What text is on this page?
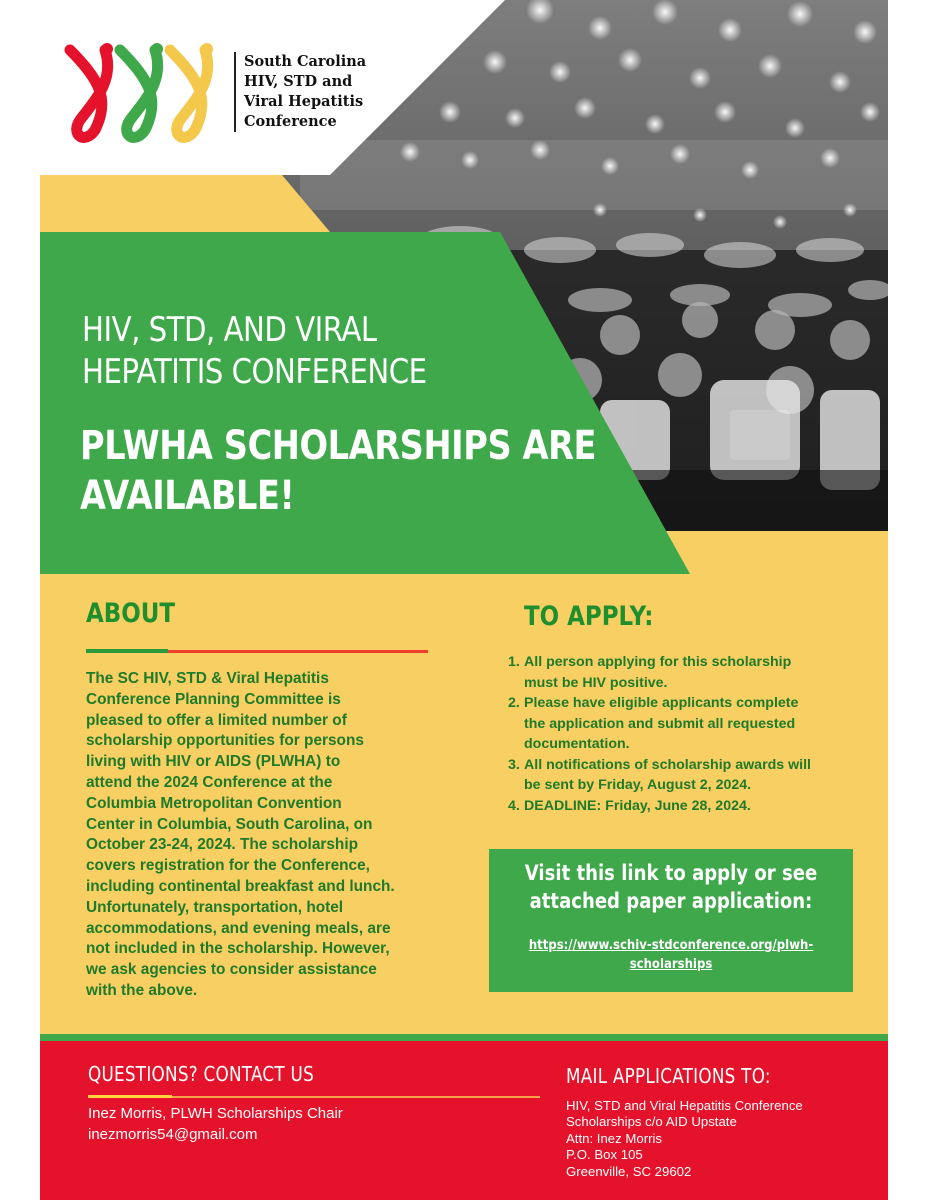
South Carolina
HIV, STD and
Viral Hepatitis
Conference
HIV, STD, AND VIRAL
HEPATITIS CONFERENCE
PLWHA SCHOLARSHIPS ARE
AVAILABLE!
ABOUT
The SC HIV, STD & Viral Hepatitis
Conference Planning Committee is
pleased to offer a limited number of
scholarship opportunities for persons
living with HIV or AIDS (PLWHA) to
attend the 2024 Conference at the
Columbia Metropolitan Convention
Center in Columbia, South Carolina, on
October 23-24, 2024. The scholarship
covers registration for the Conference,
including continental breakfast and lunch.
Unfortunately, transportation, hotel
accommodations, and evening meals, are
not included in the scholarship. However,
we ask agencies to consider assistance
with the above.
TO APPLY:
1. All person applying for this scholarship
must be HIV positive.
2. Please have eligible applicants complete
the application and submit all requested
documentation.
3. All notifications of scholarship awards will
be sent by Friday, August 2, 2024.
4. DEADLINE: Friday, June 28, 2024.
Visit this link to apply or see
attached paper application:
https://www.schiv-stdconference.org/plwh-
scholarships
QUESTIONS? CONTACT US
Inez Morris, PLWH Scholarships Chair
inezmorris54@gmail.com
MAIL APPLICATIONS TO:
HIV, STD and Viral Hepatitis Conference
Scholarships c/o AID Upstate
Attn: Inez Morris
P.O. Box 105
Greenville, SC 29602
